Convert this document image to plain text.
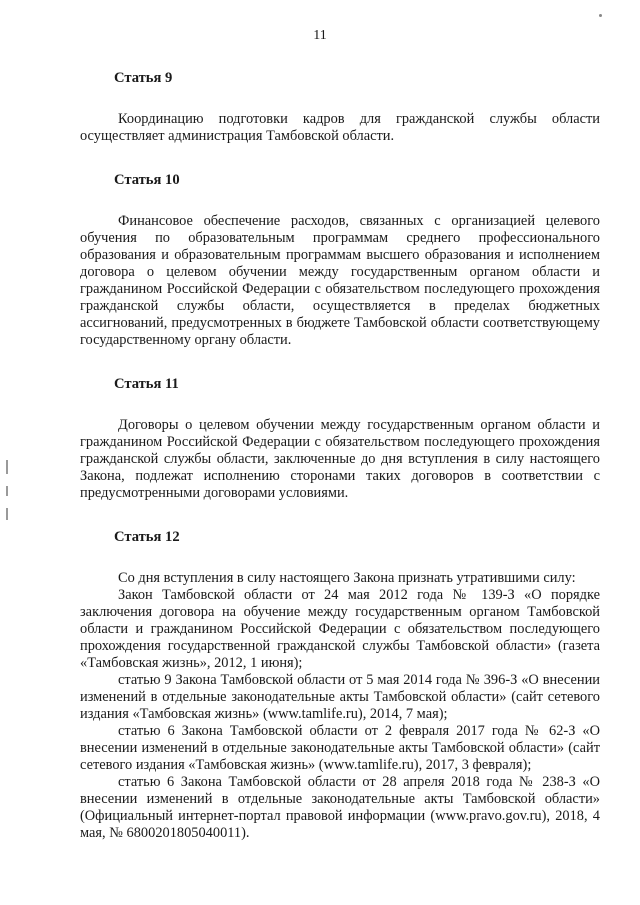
11
Статья 9

Координацию подготовки кадров для гражданской службы области осуществляет администрация Тамбовской области.

Статья 10

Финансовое обеспечение расходов, связанных с организацией целевого обучения по образовательным программам среднего профессионального образования и образовательным программам высшего образования и исполнением договора о целевом обучении между государственным органом области и гражданином Российской Федерации с обязательством последующего прохождения гражданской службы области, осуществляется в пределах бюджетных ассигнований, предусмотренных в бюджете Тамбовской области соответствующему государственному органу области.

Статья 11

Договоры о целевом обучении между государственным органом области и гражданином Российской Федерации с обязательством последующего прохождения гражданской службы области, заключенные до дня вступления в силу настоящего Закона, подлежат исполнению сторонами таких договоров в соответствии с предусмотренными договорами условиями.

Статья 12

Со дня вступления в силу настоящего Закона признать утратившими силу:

Закон Тамбовской области от 24 мая 2012 года № 139-З «О порядке заключения договора на обучение между государственным органом Тамбовской области и гражданином Российской Федерации с обязательством последующего прохождения государственной гражданской службы Тамбовской области» (газета «Тамбовская жизнь», 2012, 1 июня);

статью 9 Закона Тамбовской области от 5 мая 2014 года № 396-З «О внесении изменений в отдельные законодательные акты Тамбовской области» (сайт сетевого издания «Тамбовская жизнь» (www.tamlife.ru), 2014, 7 мая);

статью 6 Закона Тамбовской области от 2 февраля 2017 года № 62-З «О внесении изменений в отдельные законодательные акты Тамбовской области» (сайт сетевого издания «Тамбовская жизнь» (www.tamlife.ru), 2017, 3 февраля);

статью 6 Закона Тамбовской области от 28 апреля 2018 года № 238-З «О внесении изменений в отдельные законодательные акты Тамбовской области» (Официальный интернет-портал правовой информации (www.pravo.gov.ru), 2018, 4 мая, № 6800201805040011).
